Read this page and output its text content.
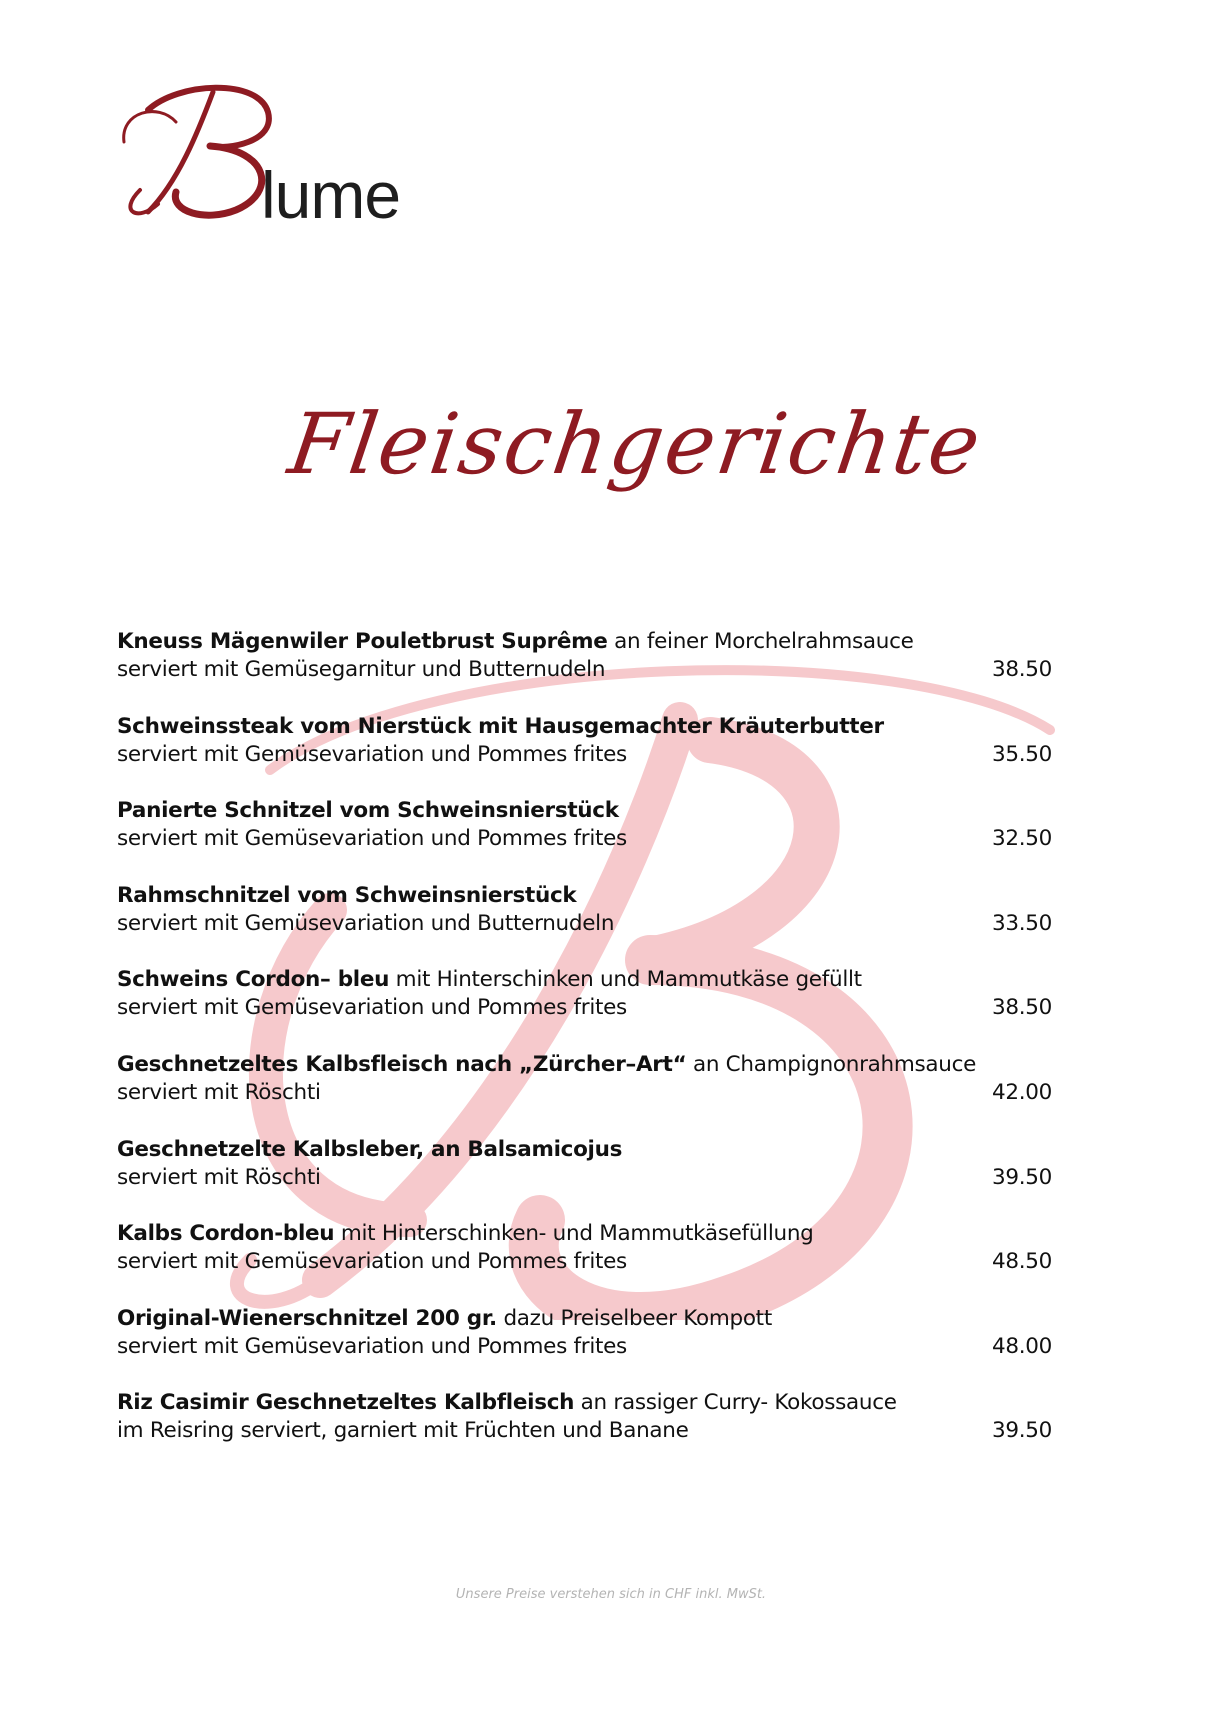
lume
Fleischgerichte
Kneuss Mägenwiler Pouletbrust Suprême an feiner Morchelrahmsauce
serviert mit Gemüsegarnitur und Butternudeln	38.50
Schweinssteak vom Nierstück mit Hausgemachter Kräuterbutter
serviert mit Gemüsevariation und Pommes frites	35.50
Panierte Schnitzel vom Schweinsnierstück
serviert mit Gemüsevariation und Pommes frites	32.50
Rahmschnitzel vom Schweinsnierstück
serviert mit Gemüsevariation und Butternudeln	33.50
Schweins Cordon– bleu mit Hinterschinken und Mammutkäse gefüllt
serviert mit Gemüsevariation und Pommes frites	38.50
Geschnetzeltes Kalbsfleisch nach „Zürcher–Art“ an Champignonrahmsauce
serviert mit Röschti	42.00
Geschnetzelte Kalbsleber, an Balsamicojus
serviert mit Röschti	39.50
Kalbs Cordon-bleu mit Hinterschinken- und Mammutkäsefüllung
serviert mit Gemüsevariation und Pommes frites	48.50
Original-Wienerschnitzel 200 gr. dazu Preiselbeer Kompott
serviert mit Gemüsevariation und Pommes frites	48.00
Riz Casimir Geschnetzeltes Kalbfleisch an rassiger Curry- Kokossauce
im Reisring serviert, garniert mit Früchten und Banane	39.50
Unsere Preise verstehen sich in CHF inkl. MwSt.
